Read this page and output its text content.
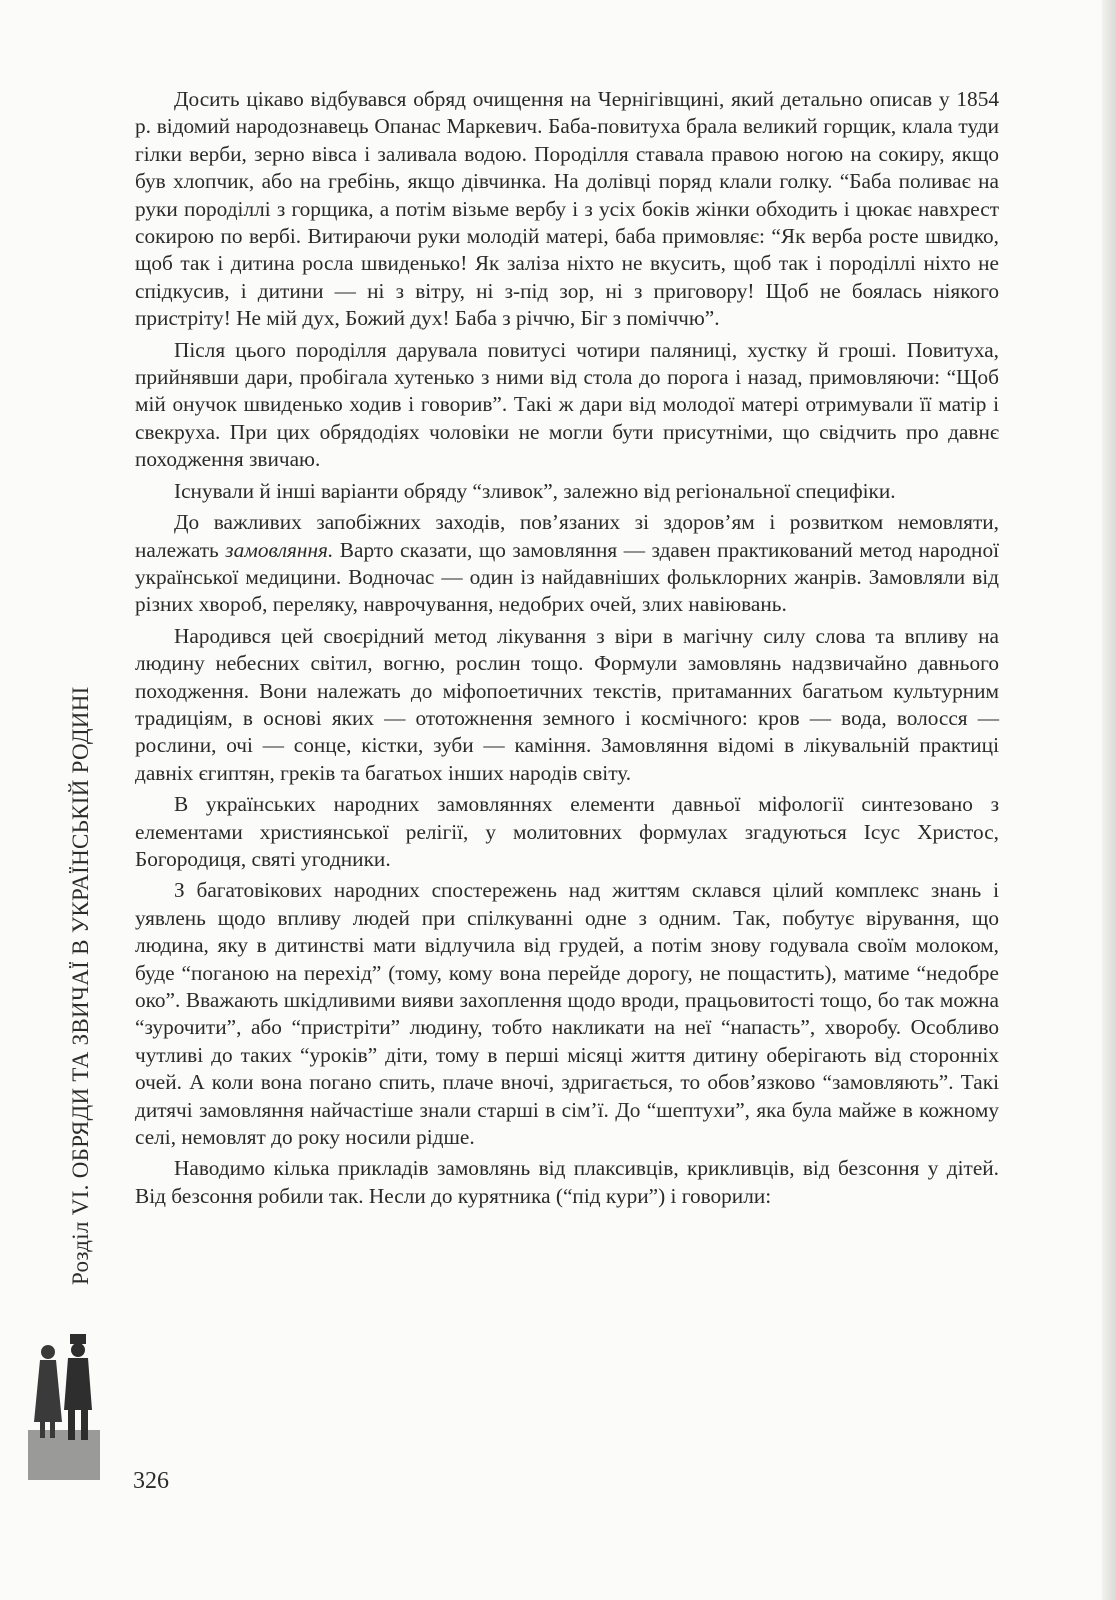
Розділ VI. ОБРЯДИ ТА ЗВИЧАЇ В УКРАЇНСЬКІЙ РОДИНІ

Досить цікаво відбувався обряд очищення на Чернігівщині, який детально описав у 1854 р. відомий народознавець Опанас Маркевич. Баба-повитуха брала великий горщик, клала туди гілки верби, зерно вівса і заливала водою. Породілля ставала правою ногою на сокиру, якщо був хлопчик, або на гребінь, якщо дівчинка. На долівці поряд клали голку. “Баба поливає на руки породіллі з горщика, а потім візьме вербу і з усіх боків жінки обходить і цюкає навхрест сокирою по вербі. Витираючи руки молодій матері, баба примовляє: “Як верба росте швидко, щоб так і дитина росла швиденько! Як заліза ніхто не вкусить, щоб так і породіллі ніхто не спідкусив, і дитини — ні з вітру, ні з-під зор, ні з приговору! Щоб не боялась ніякого пристріту! Не мій дух, Божий дух! Баба з річчю, Біг з поміччю”.

Після цього породілля дарувала повитусі чотири паляниці, хустку й гроші. Повитуха, прийнявши дари, пробігала хутенько з ними від стола до порога і назад, примовляючи: “Щоб мій онучок швиденько ходив і говорив”. Такі ж дари від молодої матері отримували її матір і свекруха. При цих обрядодіях чоловіки не могли бути присутніми, що свідчить про давнє походження звичаю.

Існували й інші варіанти обряду “зливок”, залежно від регіональної специфіки.

До важливих запобіжних заходів, пов’язаних зі здоров’ям і розвитком немовляти, належать замовляння. Варто сказати, що замовляння — здавен практикований метод народної української медицини. Водночас — один із найдавніших фольклорних жанрів. Замовляли від різних хвороб, переляку, наврочування, недобрих очей, злих навіювань.

Народився цей своєрідний метод лікування з віри в магічну силу слова та впливу на людину небесних світил, вогню, рослин тощо. Формули замовлянь надзвичайно давнього походження. Вони належать до міфопоетичних текстів, притаманних багатьом культурним традиціям, в основі яких — ототожнення земного і космічного: кров — вода, волосся — рослини, очі — сонце, кістки, зуби — каміння. Замовляння відомі в лікувальній практиці давніх єгиптян, греків та багатьох інших народів світу.

В українських народних замовляннях елементи давньої міфології синтезовано з елементами християнської релігії, у молитовних формулах згадуються Ісус Христос, Богородиця, святі угодники.

З багатовікових народних спостережень над життям склався цілий комплекс знань і уявлень щодо впливу людей при спілкуванні одне з одним. Так, побутує вірування, що людина, яку в дитинстві мати відлучила від грудей, а потім знову годувала своїм молоком, буде “поганою на перехід” (тому, кому вона перейде дорогу, не пощастить), матиме “недобре око”. Вважають шкідливими вияви захоплення щодо вроди, працьовитості тощо, бо так можна “зурочити”, або “пристріти” людину, тобто накликати на неї “напасть”, хворобу. Особливо чутливі до таких “уроків” діти, тому в перші місяці життя дитину оберігають від сторонніх очей. А коли вона погано спить, плаче вночі, здригається, то обов’язково “замовляють”. Такі дитячі замовляння найчастіше знали старші в сім’ї. До “шептухи”, яка була майже в кожному селі, немовлят до року носили рідше.

Наводимо кілька прикладів замовлянь від плаксивців, крикливців, від безсоння у дітей. Від безсоння робили так. Несли до курятника (“під кури”) і говорили:

326
